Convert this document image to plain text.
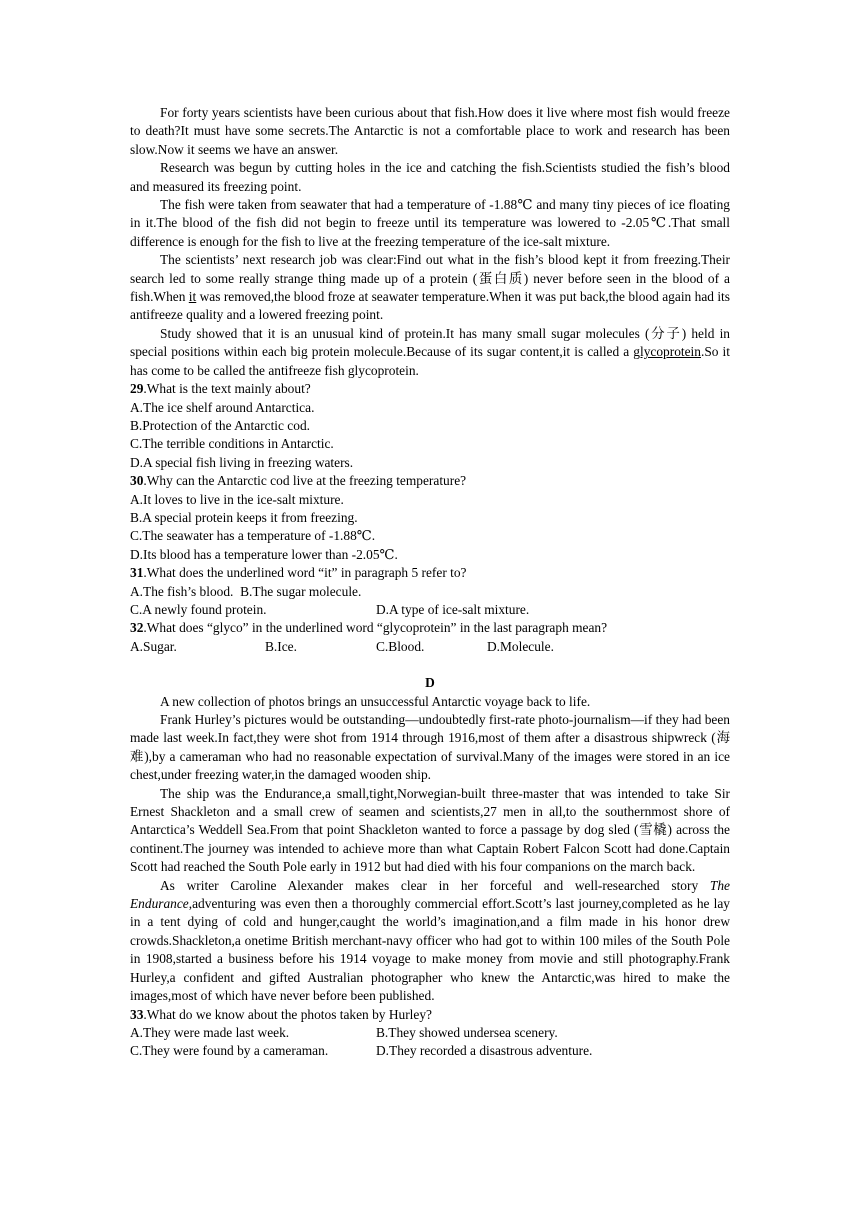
For forty years scientists have been curious about that fish.How does it live where most fish would freeze to death?It must have some secrets.The Antarctic is not a comfortable place to work and research has been slow.Now it seems we have an answer.

Research was begun by cutting holes in the ice and catching the fish.Scientists studied the fish’s blood and measured its freezing point.

The fish were taken from seawater that had a temperature of -1.88℃ and many tiny pieces of ice floating in it.The blood of the fish did not begin to freeze until its temperature was lowered to -2.05℃.That small difference is enough for the fish to live at the freezing temperature of the ice-salt mixture.

The scientists’ next research job was clear:Find out what in the fish’s blood kept it from freezing.Their search led to some really strange thing made up of a protein (蛋白质) never before seen in the blood of a fish.When it was removed,the blood froze at seawater temperature.When it was put back,the blood again had its antifreeze quality and a lowered freezing point.

Study showed that it is an unusual kind of protein.It has many small sugar molecules (分子) held in special positions within each big protein molecule.Because of its sugar content,it is called a glycoprotein.So it has come to be called the antifreeze fish glycoprotein.

29.What is the text mainly about?

A.The ice shelf around Antarctica.

B.Protection of the Antarctic cod.

C.The terrible conditions in Antarctic.

D.A special fish living in freezing waters.

30.Why can the Antarctic cod live at the freezing temperature?

A.It loves to live in the ice-salt mixture.

B.A special protein keeps it from freezing.

C.The seawater has a temperature of -1.88℃.

D.Its blood has a temperature lower than -2.05℃.

31.What does the underlined word “it” in paragraph 5 refer to?

A.The fish’s blood.
B.The sugar molecule.
C.A newly found protein.	D.A type of ice-salt mixture.

32.What does “glyco” in the underlined word “glycoprotein” in the last paragraph mean?

A.Sugar.	B.Ice.	C.Blood.	D.Molecule.

D

A new collection of photos brings an unsuccessful Antarctic voyage back to life.

Frank Hurley’s pictures would be outstanding—undoubtedly first-rate photo-journalism—if they had been made last week.In fact,they were shot from 1914 through 1916,most of them after a disastrous shipwreck (海难),by a cameraman who had no reasonable expectation of survival.Many of the images were stored in an ice chest,under freezing water,in the damaged wooden ship.

The ship was the Endurance,a small,tight,Norwegian-built three-master that was intended to take Sir Ernest Shackleton and a small crew of seamen and scientists,27 men in all,to the southernmost shore of Antarctica’s Weddell Sea.From that point Shackleton wanted to force a passage by dog sled (雪橇) across the continent.The journey was intended to achieve more than what Captain Robert Falcon Scott had done.Captain Scott had reached the South Pole early in 1912 but had died with his four companions on the march back.

As writer Caroline Alexander makes clear in her forceful and well-researched story The Endurance,adventuring was even then a thoroughly commercial effort.Scott’s last journey,completed as he lay in a tent dying of cold and hunger,caught the world’s imagination,and a film made in his honor drew crowds.Shackleton,a onetime British merchant-navy officer who had got to within 100 miles of the South Pole in 1908,started a business before his 1914 voyage to make money from movie and still photography.Frank Hurley,a confident and gifted Australian photographer who knew the Antarctic,was hired to make the images,most of which have never before been published.

33.What do we know about the photos taken by Hurley?

A.They were made last week.	B.They showed undersea scenery.
C.They were found by a cameraman.	D.They recorded a disastrous adventure.
